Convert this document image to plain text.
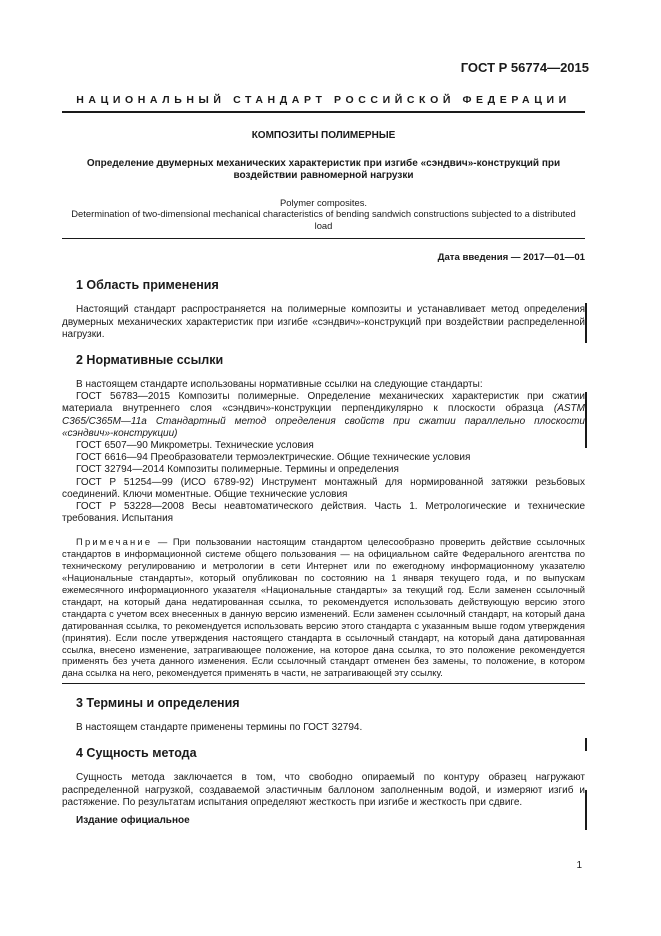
ГОСТ Р 56774—2015
НАЦИОНАЛЬНЫЙ СТАНДАРТ РОССИЙСКОЙ ФЕДЕРАЦИИ
КОМПОЗИТЫ ПОЛИМЕРНЫЕ
Определение двумерных механических характеристик при изгибе «сэндвич»-конструкций при воздействии равномерной нагрузки
Polymer composites.
Determination of two-dimensional mechanical characteristics of bending sandwich constructions subjected to a distributed load
Дата введения — 2017—01—01
1 Область применения

Настоящий стандарт распространяется на полимерные композиты и устанавливает метод определения двумерных механических характеристик при изгибе «сэндвич»-конструкций при воздействии распределенной нагрузки.

2 Нормативные ссылки

В настоящем стандарте использованы нормативные ссылки на следующие стандарты:

ГОСТ 56783—2015 Композиты полимерные. Определение механических характеристик при сжатии материала внутреннего слоя «сэндвич»-конструкции перпендикулярно к плоскости образца (ASTM C365/C365M—11a Стандартный метод определения свойств при сжатии параллельно плоскости «сэндвич»-конструкции)

ГОСТ 6507—90 Микрометры. Технические условия

ГОСТ 6616—94 Преобразователи термоэлектрические. Общие технические условия

ГОСТ 32794—2014 Композиты полимерные. Термины и определения

ГОСТ Р 51254—99 (ИСО 6789-92) Инструмент монтажный для нормированной затяжки резьбовых соединений. Ключи моментные. Общие технические условия

ГОСТ Р 53228—2008 Весы неавтоматического действия. Часть 1. Метрологические и технические требования. Испытания

Примечание — При пользовании настоящим стандартом целесообразно проверить действие ссылочных стандартов в информационной системе общего пользования — на официальном сайте Федерального агентства по техническому регулированию и метрологии в сети Интернет или по ежегодному информационному указателю «Национальные стандарты», который опубликован по состоянию на 1 января текущего года, и по выпускам ежемесячного информационного указателя «Национальные стандарты» за текущий год. Если заменен ссылочный стандарт, на который дана недатированная ссылка, то рекомендуется использовать действующую версию этого стандарта с учетом всех внесенных в данную версию изменений. Если заменен ссылочный стандарт, на который дана датированная ссылка, то рекомендуется использовать версию этого стандарта с указанным выше годом утверждения (принятия). Если после утверждения настоящего стандарта в ссылочный стандарт, на который дана датированная ссылка, внесено изменение, затрагивающее положение, на которое дана ссылка, то это положение рекомендуется применять без учета данного изменения. Если ссылочный стандарт отменен без замены, то положение, в котором дана ссылка на него, рекомендуется применять в части, не затрагивающей эту ссылку.
3 Термины и определения

В настоящем стандарте применены термины по ГОСТ 32794.

4 Сущность метода

Сущность метода заключается в том, что свободно опираемый по контуру образец нагружают распределенной нагрузкой, создаваемой эластичным баллоном заполненным водой, и измеряют изгиб и растяжение. По результатам испытания определяют жесткость при изгибе и жесткость при сдвиге.

Издание официальное
1
